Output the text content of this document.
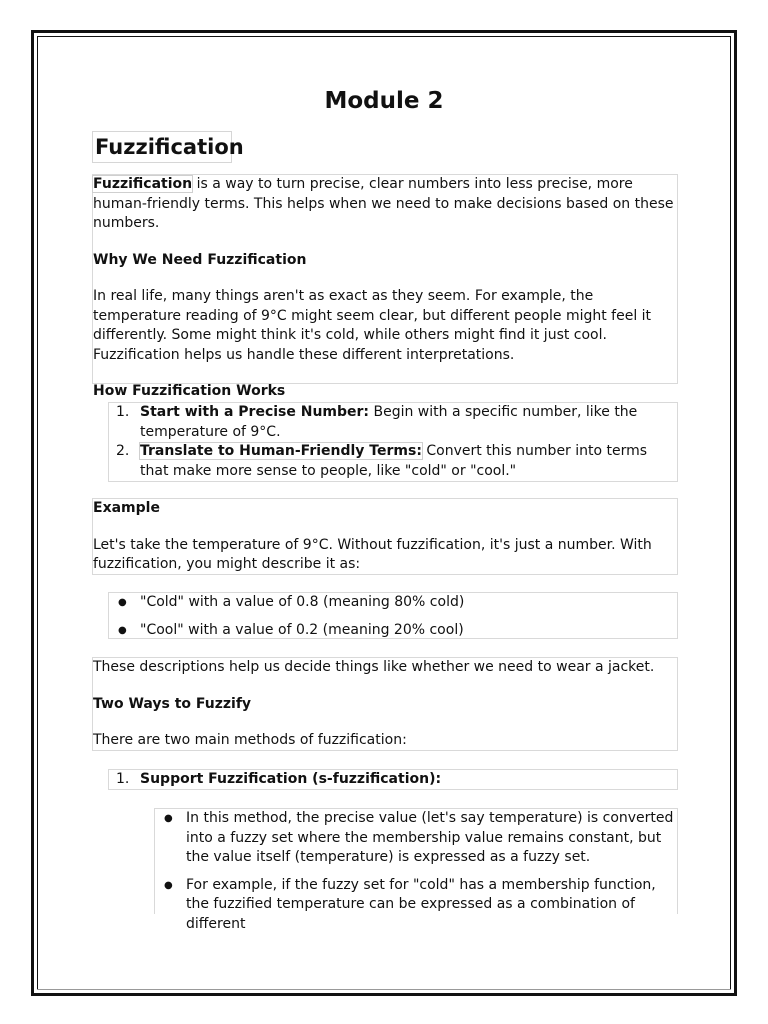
Module 2
Fuzzification

Fuzzification is a way to turn precise, clear numbers into less precise, more human-friendly terms. This helps when we need to make decisions based on these numbers.

Why We Need Fuzzification

In real life, many things aren't as exact as they seem. For example, the temperature reading of 9°C might seem clear, but different people might feel it differently. Some might think it's cold, while others might find it just cool. Fuzzification helps us handle these different interpretations.

How Fuzzification Works

1. Start with a Precise Number: Begin with a specific number, like the temperature of 9°C.
2. Translate to Human-Friendly Terms: Convert this number into terms that make more sense to people, like "cold" or "cool."

Example

Let's take the temperature of 9°C. Without fuzzification, it's just a number. With fuzzification, you might describe it as:

● "Cold" with a value of 0.8 (meaning 80% cold)
● "Cool" with a value of 0.2 (meaning 20% cool)

These descriptions help us decide things like whether we need to wear a jacket.

Two Ways to Fuzzify

There are two main methods of fuzzification:

1. Support Fuzzification (s-fuzzification):
● In this method, the precise value (let's say temperature) is converted into a fuzzy set where the membership value remains constant, but the value itself (temperature) is expressed as a fuzzy set.
● For example, if the fuzzy set for "cold" has a membership function, the fuzzified temperature can be expressed as a combination of different
